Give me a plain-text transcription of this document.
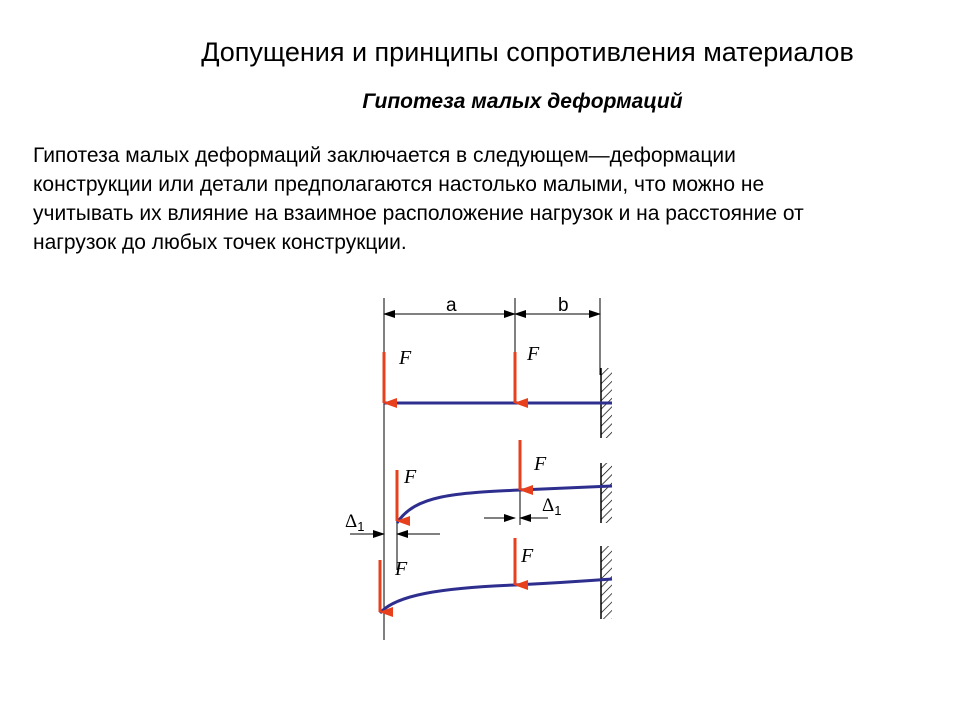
Допущения и принципы сопротивления материалов
Гипотеза малых деформаций

Гипотеза малых деформаций заключается в следующем—деформации

конструкции или детали предполагаются настолько малыми, что можно не

учитывать их влияние на взаимное расположение нагрузок и на расстояние от

нагрузок до любых точек конструкции.

a	b
F	F
F
F
F
F
$\Delta_1$
$\Delta_1$
